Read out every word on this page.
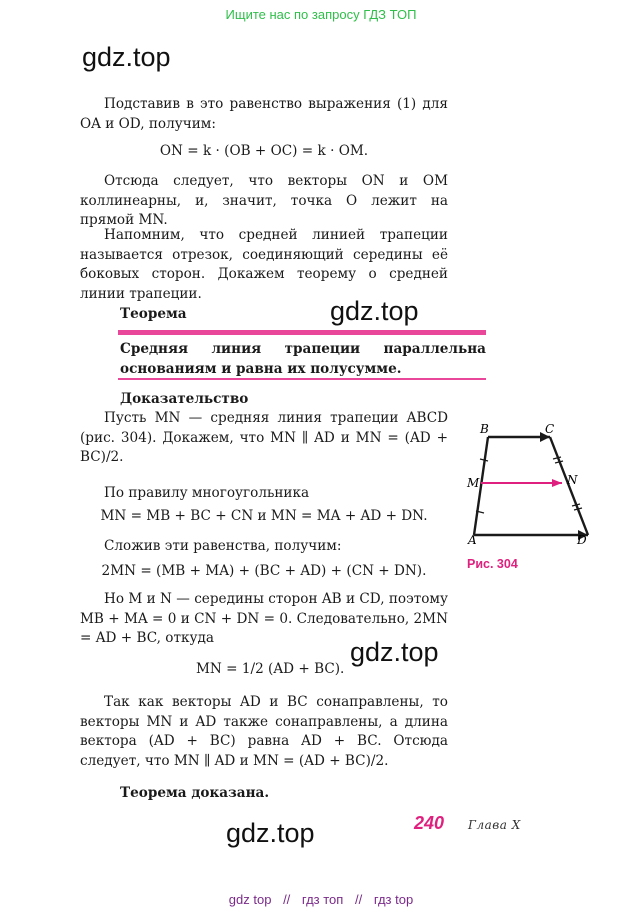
Ищите нас по запросу ГДЗ ТОП
gdz.top
Подставив в это равенство выражения (1) для OA и OD, получим:
ON = k · (OB + OC) = k · OM.
Отсюда следует, что векторы ON и OM коллинеарны, и, значит, точка O лежит на прямой MN.
Напомним, что средней линией трапеции называется отрезок, соединяющий середины её боковых сторон. Докажем теорему о средней линии трапеции.
Теорема	gdz.top
Средняя линия трапеции параллельна основаниям и равна их полусумме.
Доказательство
Пусть MN — средняя линия трапеции ABCD (рис. 304). Докажем, что MN ∥ AD и MN = (AD + BC)/2.
По правилу многоугольника
MN = MB + BC + CN и MN = MA + AD + DN.
Сложив эти равенства, получим:
2MN = (MB + MA) + (BC + AD) + (CN + DN).
Но M и N — середины сторон AB и CD, поэтому MB + MA = 0 и CN + DN = 0. Следовательно, 2MN = AD + BC, откуда
MN = 1/2 (AD + BC).
gdz.top
Так как векторы AD и BC сонаправлены, то векторы MN и AD также сонаправлены, а длина вектора (AD + BC) равна AD + BC. Отсюда следует, что MN ∥ AD и MN = (AD + BC)/2.
Теорема доказана.
B	C
M	N
A	D
Рис. 304
gdz.top	240 Глава X
gdz top // гдз топ // гдз top
